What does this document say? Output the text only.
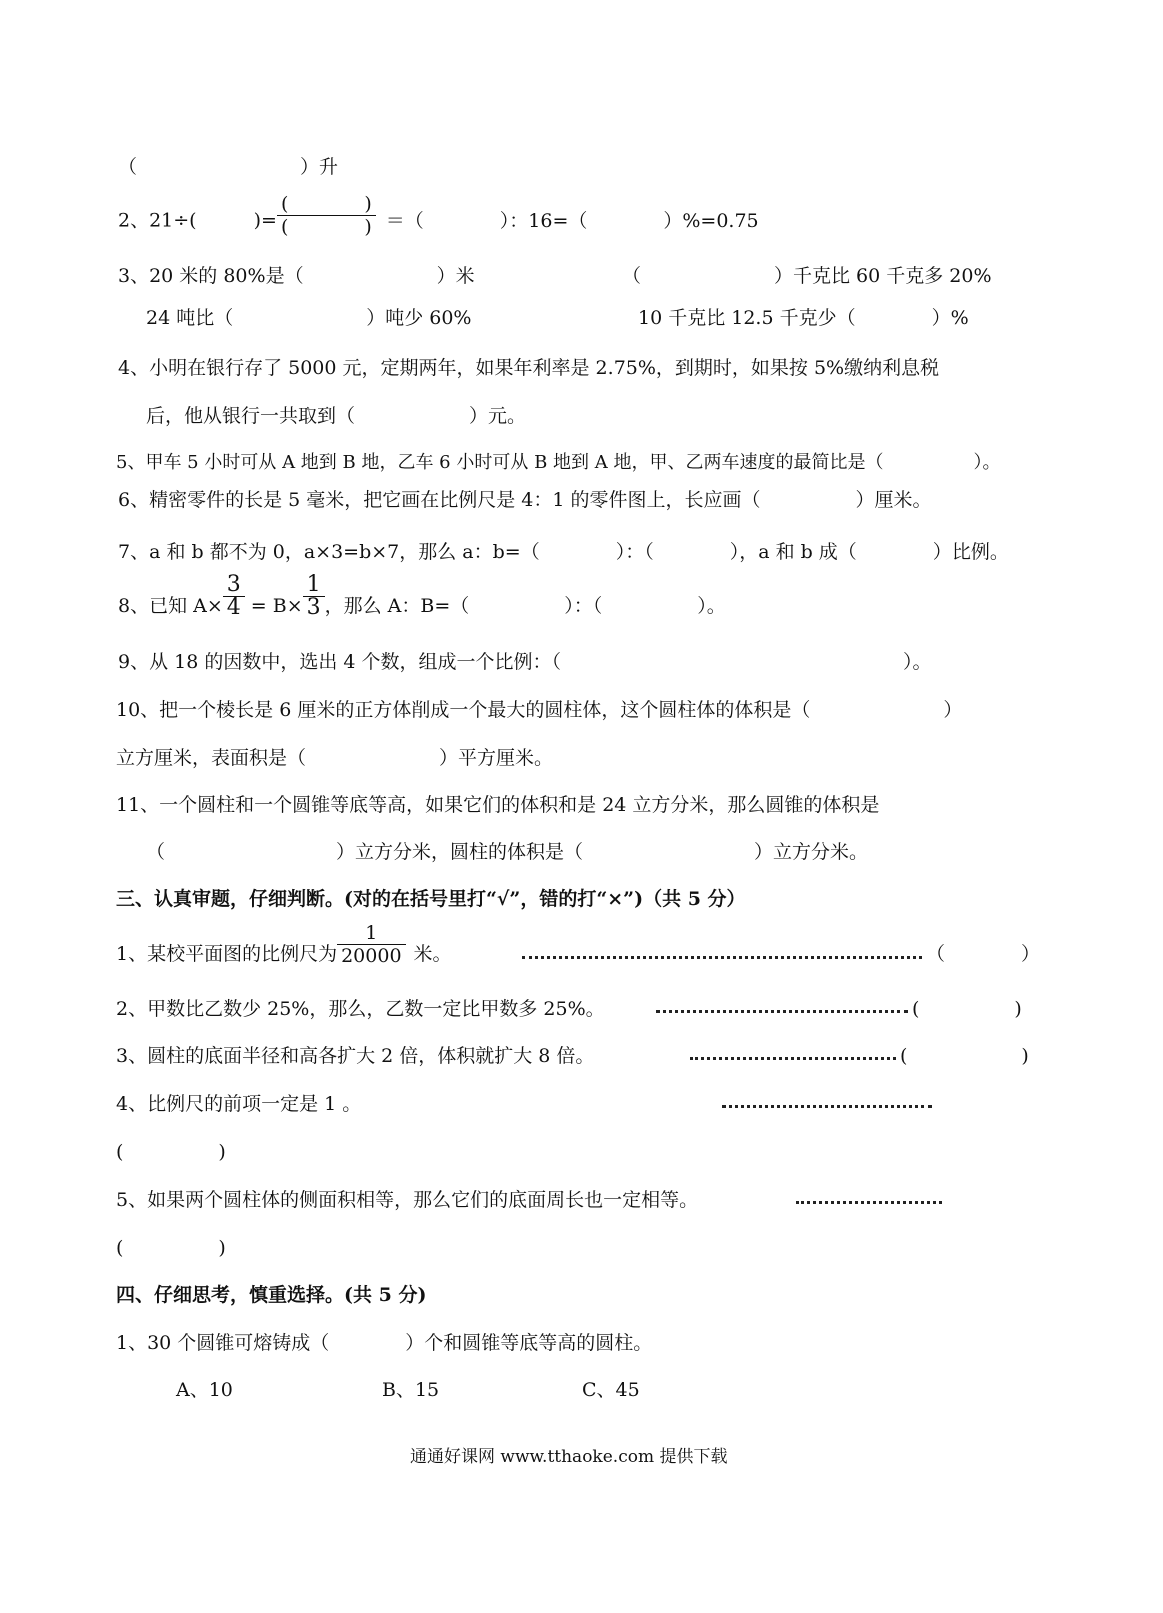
（	）升
2、21÷(　　　)= $\frac{( )}{( )}$ ＝（　　　　）：16=（　　　　）%=0.75
3、20 米的 80%是（　　　　　　　）米	（　　　　　　　）千克比 60 千克多 20%
24 吨比（　　　　　　　）吨少 60%	10 千克比 12.5 千克少（　　　　）%
4、小明在银行存了 5000 元，定期两年，如果年利率是 2.75%，到期时，如果按 5%缴纳利息税
后，他从银行一共取到（　　　　　　）元。
5、甲车 5 小时可从 A 地到 B 地，乙车 6 小时可从 B 地到 A 地，甲、乙两车速度的最简比是（　　　　　）。
6、精密零件的长是 5 毫米，把它画在比例尺是 4：1 的零件图上，长应画（　　　　　）厘米。
7、a 和 b 都不为 0，a×3=b×7，那么 a：b=（　　　　）：（　　　　），a 和 b 成（　　　　）比例。
8、已知 $A\times \frac{3}{4} = B\times \frac{1}{3}$ ，那么 A：B=（　　　　　）：（　　　　　）。
9、从 18 的因数中，选出 4 个数，组成一个比例：（　　　　　　　　　　　　　　　　　　）。
10、把一个棱长是 6 厘米的正方体削成一个最大的圆柱体，这个圆柱体的体积是（　　　　　　　）
立方厘米，表面积是（　　　　　　　）平方厘米。
11、一个圆柱和一个圆锥等底等高，如果它们的体积和是 24 立方分米，那么圆锥的体积是
（　　　　　　　　　）立方分米，圆柱的体积是（　　　　　　　　　）立方分米。
三、认真审题，仔细判断。(对的在括号里打“√”，错的打“×”)（共 5 分）
1、某校平面图的比例尺为 $\frac{1}{20000}$ 米。	（　　　　）
2、甲数比乙数少 25%，那么，乙数一定比甲数多 25%。	(　　　　　)
3、圆柱的底面半径和高各扩大 2 倍，体积就扩大 8 倍。	(　　　　　　)
4、比例尺的前项一定是 1 。
(　　　　　)
5、如果两个圆柱体的侧面积相等，那么它们的底面周长也一定相等。
(　　　　　)
四、仔细思考，慎重选择。(共 5 分)
1、30 个圆锥可熔铸成（　　　　）个和圆锥等底等高的圆柱。
A、10	B、15	C、45
通通好课网 www.tthaoke.com 提供下载
